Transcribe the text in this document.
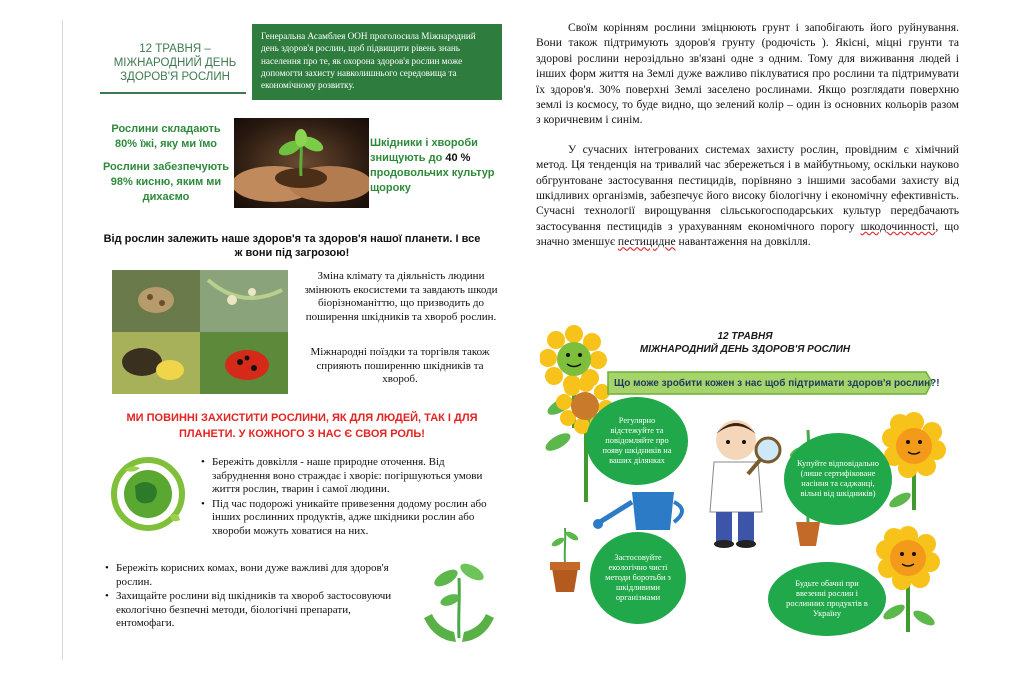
12 ТРАВНЯ –
МІЖНАРОДНИЙ ДЕНЬ
ЗДОРОВ'Я РОСЛИН
Генеральна Асамблея ООН проголосила Міжнародний день здоров'я рослин, щоб підвищити рівень знань населення про те, як охорона здоров'я рослин може допомогти захисту навколишнього середовища та економічному розвитку.
Рослини складають 80% їжі, яку ми їмо
Рослини забезпечують 98% кисню, яким ми дихаємо
Шкідники і хвороби знищують до 40 % продовольчих культур щороку
Від рослин залежить наше здоров'я та здоров'я нашої планети. І все ж вони під загрозою!
Зміна клімату та діяльність людини змінюють екосистеми та завдають шкоди біорізноманіттю, що призводить до поширення шкідників та хвороб рослин.
Міжнародні поїздки та торгівля також сприяють поширенню шкідників та хвороб.
МИ ПОВИННІ ЗАХИСТИТИ РОСЛИНИ, ЯК ДЛЯ ЛЮДЕЙ, ТАК І ДЛЯ ПЛАНЕТИ. У КОЖНОГО З НАС Є СВОЯ РОЛЬ!
• Бережіть довкілля - наше природне оточення. Від забруднення воно страждає і хворіє: погіршуються умови життя рослин, тварин і самої людини.
• Під час подорожі уникайте привезення додому рослин або інших рослинних продуктів, адже шкідники рослин або хвороби можуть ховатися на них.
• Бережіть корисних комах, вони дуже важливі для здоров'я рослин.
• Захищайте рослини від шкідників та хвороб застосовуючи екологічно безпечні методи, біологічні препарати, ентомофаги.

Своїм корінням рослини зміцнюють грунт і запобігають його руйнування. Вони також підтримують здоров'я грунту (родючість ). Якісні, міцні грунти та здорові рослини нерозідльно зв'язані одне з одним. Тому для виживання людей і інших форм життя на Землі дуже важливо піклуватися про рослини та підтримувати їх здоров'я. 30% поверхні Землі заселено рослинами. Якщо розглядати поверхню землі із космосу, то буде видно, що зелений колір – один із основних кольорів разом з коричневим і синім.

У сучасних інтегрованих системах захисту рослин, провідним є хімічний метод. Ця тенденція на тривалий час збережеться і в майбутньому, оскільки науково обгрунтоване застосування пестицидів, порівняно з іншими засобами захисту від шкідливих організмів, забезпечує його високу біологічну і економічну ефективність. Сучасні технології вирощування сільськогосподарських культур передбачають застосування пестицидів з урахуванням економічного порогу шкодочинності, що значно зменшує пестицидне навантаження на довкілля.

12 ТРАВНЯ
МІЖНАРОДНИЙ ДЕНЬ ЗДОРОВ'Я РОСЛИН
Що може зробити кожен з нас щоб підтримати здоров'я рослин?!
Регулярно відстежуйте та повідомляйте про появу шкідників на ваших ділянках
Застосовуйте екологічно чисті методи боротьби з шкідливими організмами
Купуйте відповідально (лише сертифіковане насіння та саджанці, вільні від шкідників)
Будьте обачні при ввезенні рослин і рослинних продуктів в Україну
